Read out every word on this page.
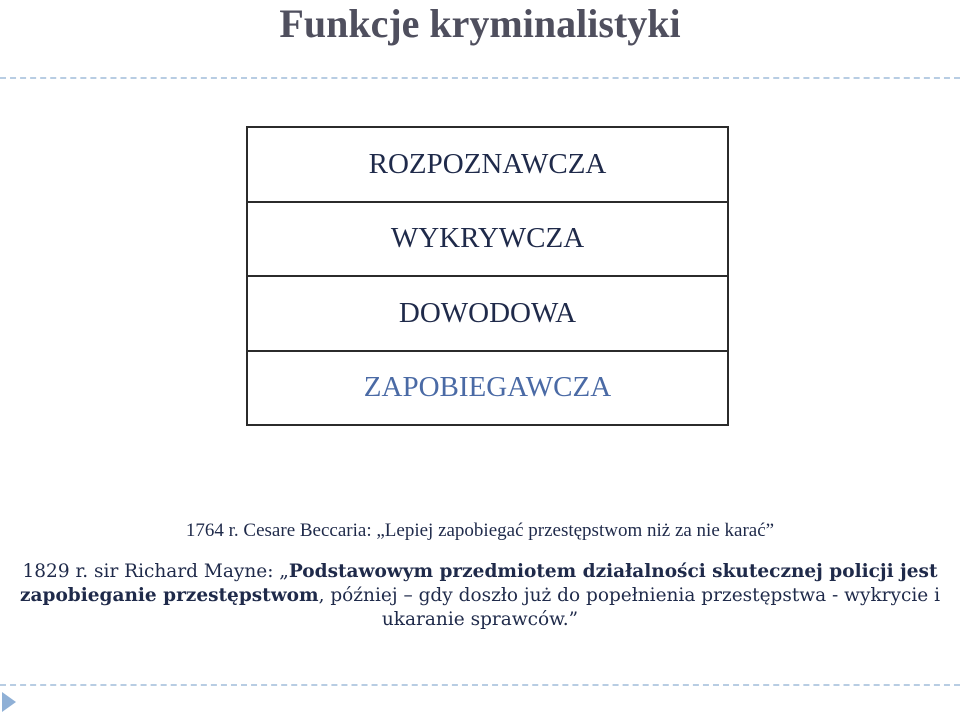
Funkcje kryminalistyki
ROZPOZNAWCZA
WYKRYWCZA
DOWODOWA
ZAPOBIEGAWCZA

1764 r. Cesare Beccaria: „Lepiej zapobiegać przestępstwom niż za nie karać”

1829 r. sir Richard Mayne: „Podstawowym przedmiotem działalności skutecznej policji jest zapobieganie przestępstwom, później – gdy doszło już do popełnienia przestępstwa - wykrycie i ukaranie sprawców.”
